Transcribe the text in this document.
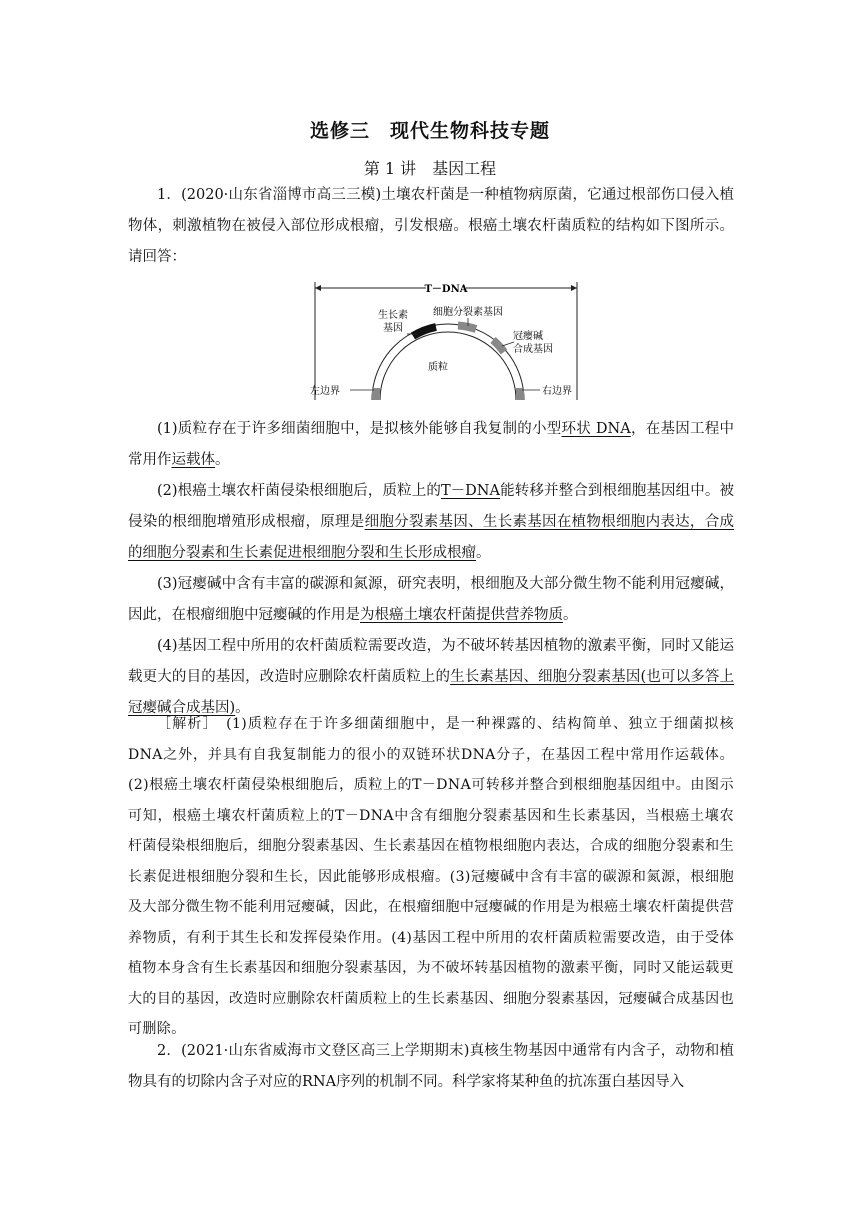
选修三　现代生物科技专题
第 1 讲　基因工程
1．(2020·山东省淄博市高三三模)土壤农杆菌是一种植物病原菌，它通过根部伤口侵入植物体，刺激植物在被侵入部位形成根瘤，引发根癌。根癌土壤农杆菌质粒的结构如下图所示。请回答：
T－DNA
生长素
基因
细胞分裂素基因
冠瘿碱
合成基因
左边界	右边界
质粒
(1)质粒存在于许多细菌细胞中，是拟核外能够自我复制的小型环状 DNA，在基因工程中常用作运载体。
(2)根癌土壤农杆菌侵染根细胞后，质粒上的T－DNA能转移并整合到根细胞基因组中。被侵染的根细胞增殖形成根瘤，原理是细胞分裂素基因、生长素基因在植物根细胞内表达，合成的细胞分裂素和生长素促进根细胞分裂和生长形成根瘤。
(3)冠瘿碱中含有丰富的碳源和氮源，研究表明，根细胞及大部分微生物不能利用冠瘿碱，因此，在根瘤细胞中冠瘿碱的作用是为根癌土壤农杆菌提供营养物质。
(4)基因工程中所用的农杆菌质粒需要改造，为不破坏转基因植物的激素平衡，同时又能运载更大的目的基因，改造时应删除农杆菌质粒上的生长素基因、细胞分裂素基因(也可以多答上冠瘿碱合成基因)。
［解析］　 (1)质粒存在于许多细菌细胞中，是一种裸露的、结构简单、独立于细菌拟核DNA之外，并具有自我复制能力的很小的双链环状DNA分子，在基因工程中常用作运载体。(2)根癌土壤农杆菌侵染根细胞后，质粒上的T－DNA可转移并整合到根细胞基因组中。由图示可知，根癌土壤农杆菌质粒上的T－DNA中含有细胞分裂素基因和生长素基因，当根癌土壤农杆菌侵染根细胞后，细胞分裂素基因、生长素基因在植物根细胞内表达，合成的细胞分裂素和生长素促进根细胞分裂和生长，因此能够形成根瘤。(3)冠瘿碱中含有丰富的碳源和氮源，根细胞及大部分微生物不能利用冠瘿碱，因此，在根瘤细胞中冠瘿碱的作用是为根癌土壤农杆菌提供营养物质，有利于其生长和发挥侵染作用。(4)基因工程中所用的农杆菌质粒需要改造，由于受体植物本身含有生长素基因和细胞分裂素基因，为不破坏转基因植物的激素平衡，同时又能运载更大的目的基因，改造时应删除农杆菌质粒上的生长素基因、细胞分裂素基因，冠瘿碱合成基因也可删除。
2．(2021·山东省威海市文登区高三上学期期末)真核生物基因中通常有内含子，动物和植物具有的切除内含子对应的RNA序列的机制不同。科学家将某种鱼的抗冻蛋白基因导入
